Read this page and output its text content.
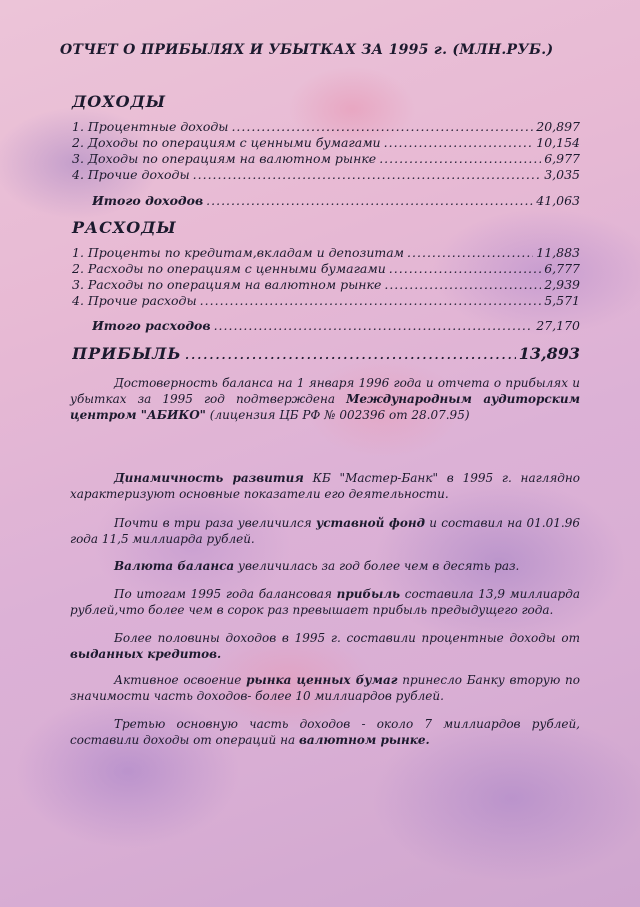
ОТЧЕТ О ПРИБЫЛЯХ И УБЫТКАХ ЗА 1995 г. (МЛН.РУБ.)
ДОХОДЫ
1. Процентные доходы .....	20,897
2. Доходы по операциям с ценными бумагами .....	10,154
3. Доходы по операциям на валютном рынке .....	6,977
4. Прочие доходы .....	3,035
Итого доходов .....	41,063
РАСХОДЫ
1. Проценты по кредитам,вкладам и депозитам .....	11,883
2. Расходы по операциям с ценными бумагами .....	6,777
3. Расходы по операциям на валютном рынке .....	2,939
4. Прочие расходы .....	5,571
Итого расходов .....	27,170
ПРИБЫЛЬ .....	13,893
Достоверность баланса на 1 января 1996 года и отчета о прибылях и убытках за 1995 год подтверждена Международным аудиторским центром "АБИКО" (лицензия ЦБ РФ № 002396 от 28.07.95)
Динамичность развития КБ "Мастер-Банк" в 1995 г. наглядно характеризуют основные показатели его деятельности.
Почти в три раза увеличился уставной фонд и составил на 01.01.96 года 11,5 миллиарда рублей.
Валюта баланса увеличилась за год более чем в десять раз.
По итогам 1995 года балансовая прибыль составила 13,9 миллиарда рублей,что более чем в сорок раз превышает прибыль предыдущего года.
Более половины доходов в 1995 г. составили процентные доходы от выданных кредитов.
Активное освоение рынка ценных бумаг принесло Банку вторую по значимости часть доходов- более 10 миллиардов рублей.
Третью основную часть доходов - около 7 миллиардов рублей, составили доходы от операций на валютном рынке.
